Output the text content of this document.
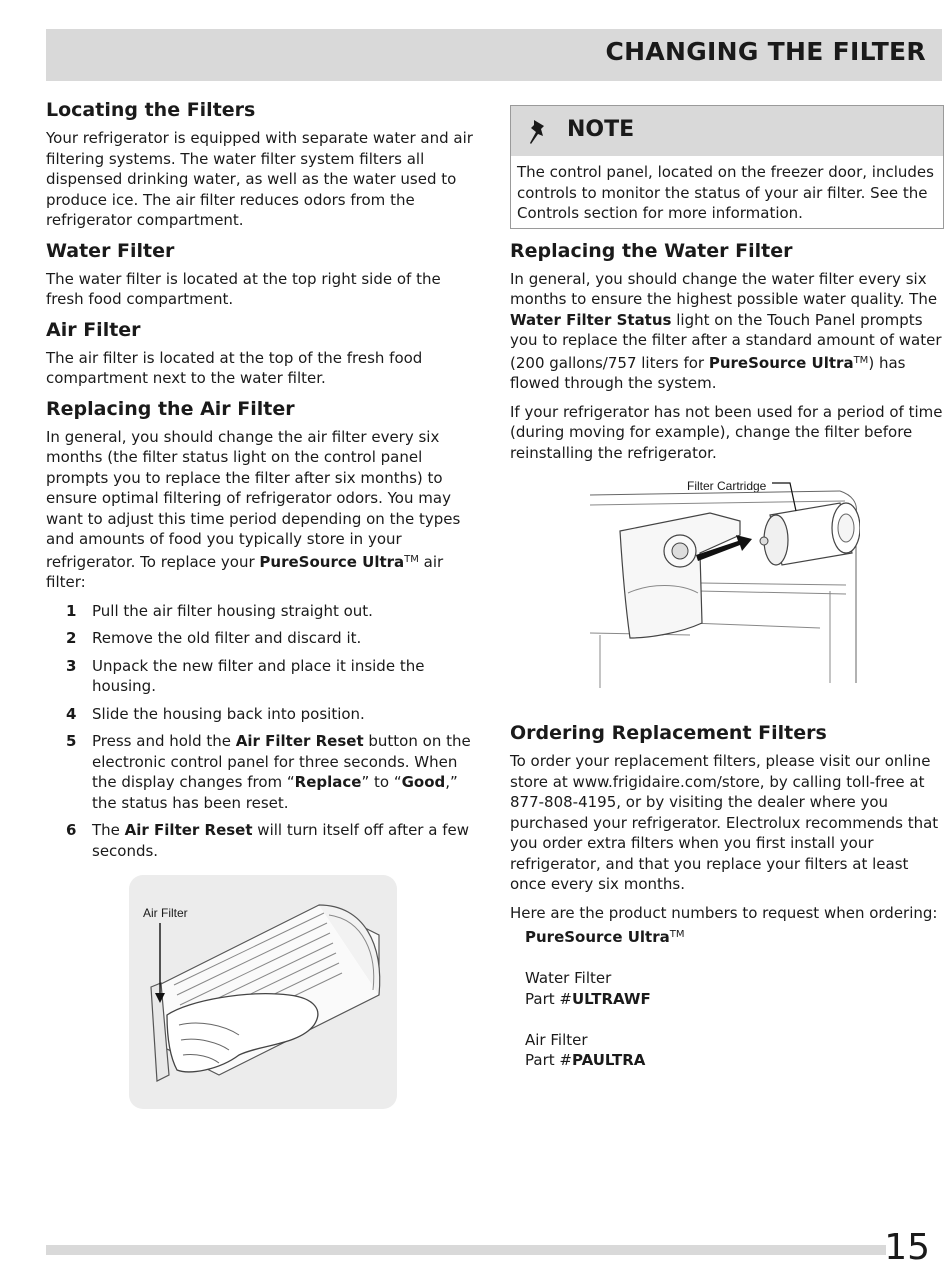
CHANGING THE FILTER
Locating the Filters

Your refrigerator is equipped with separate water and air filtering systems. The water filter system filters all dispensed drinking water, as well as the water used to produce ice. The air filter reduces odors from the refrigerator compartment.

Water Filter

The water filter is located at the top right side of the fresh food compartment.

Air Filter

The air filter is located at the top of the fresh food compartment next to the water filter.

Replacing the Air Filter

In general, you should change the air filter every six months (the filter status light on the control panel prompts you to replace the filter after six months) to ensure optimal filtering of refrigerator odors. You may want to adjust this time period depending on the types and amounts of food you typically store in your refrigerator. To replace your PureSource Ultra™ air filter:

1 Pull the air filter housing straight out.
2 Remove the old filter and discard it.
3 Unpack the new filter and place it inside the housing.
4 Slide the housing back into position.
5 Press and hold the Air Filter Reset button on the electronic control panel for three seconds. When the display changes from “Replace” to “Good,” the status has been reset.
6 The Air Filter Reset will turn itself off after a few seconds.
Air Filter
NOTE

The control panel, located on the freezer door, includes controls to monitor the status of your air filter. See the Controls section for more information.

Replacing the Water Filter

In general, you should change the water filter every six months to ensure the highest possible water quality. The Water Filter Status light on the Touch Panel prompts you to replace the filter after a standard amount of water (200 gallons/757 liters for PureSource Ultra™) has flowed through the system.

If your refrigerator has not been used for a period of time (during moving for example), change the filter before reinstalling the refrigerator.

Filter Cartridge
Ordering Replacement Filters

To order your replacement filters, please visit our online store at www.frigidaire.com/store, by calling toll-free at 877-808-4195, or by visiting the dealer where you purchased your refrigerator. Electrolux recommends that you order extra filters when you first install your refrigerator, and that you replace your filters at least once every six months.

Here are the product numbers to request when ordering:

PureSource Ultra™

Water Filter
Part #ULTRAWF

Air Filter
Part #PAULTRA
15
